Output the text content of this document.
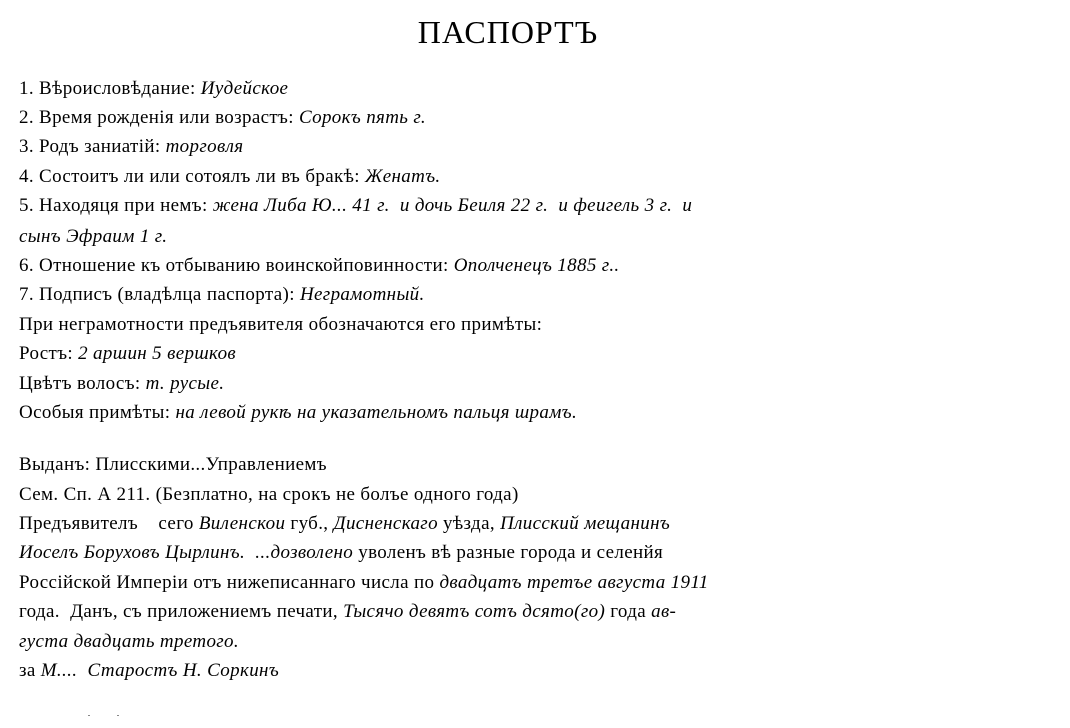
ПАСПОРТЪ
1. Вѣроисловѣдание: Иудейское
2. Время рожденія или возрастъ: Сорокъ пять г.
3. Родъ заниатій: торговля
4. Состоитъ ли или сотоялъ ли въ бракѣ: Женатъ.
5. Находяця при немъ: жена Либа Ю... 41 г.  и дочь Беиля 22 г.  и феигель 3 г.  и
сынъ Эфраим 1 г.
6. Отношение къ отбыванию воинскойповинности: Ополченецъ 1885 г..
7. Подписъ (владѣлца паспорта): Неграмотный.
При неграмотности предъявителя обозначаются его примѣты:
Ростъ: 2 аршин 5 вершков
Цвѣтъ волосъ: т. русые.
Особыя примѣты: на левой рукѣ на указательномъ пальця шрамъ.
Выданъ: Плисскими...Управлениемъ
Сем. Сп. А 211. (Безплатно, на срокъ не болъе одного года)
Предъявителъ    сего Виленскои губ., Дисненскаго уѣзда, Плисский мещанинъ
Иоселъ Боруховъ Цырлинъ.  ...дозволено уволенъ вѣ разные города и селенйя
Россійской Имперіи отъ нижеписаннаго числа по двадцатъ третъе августа 1911
года.  Данъ, съ приложениемъ печати, Тысячо девятъ сотъ дсято(го) года ав-
густа двадцать третого.
за М....  Старостъ Н. Соркинъ
